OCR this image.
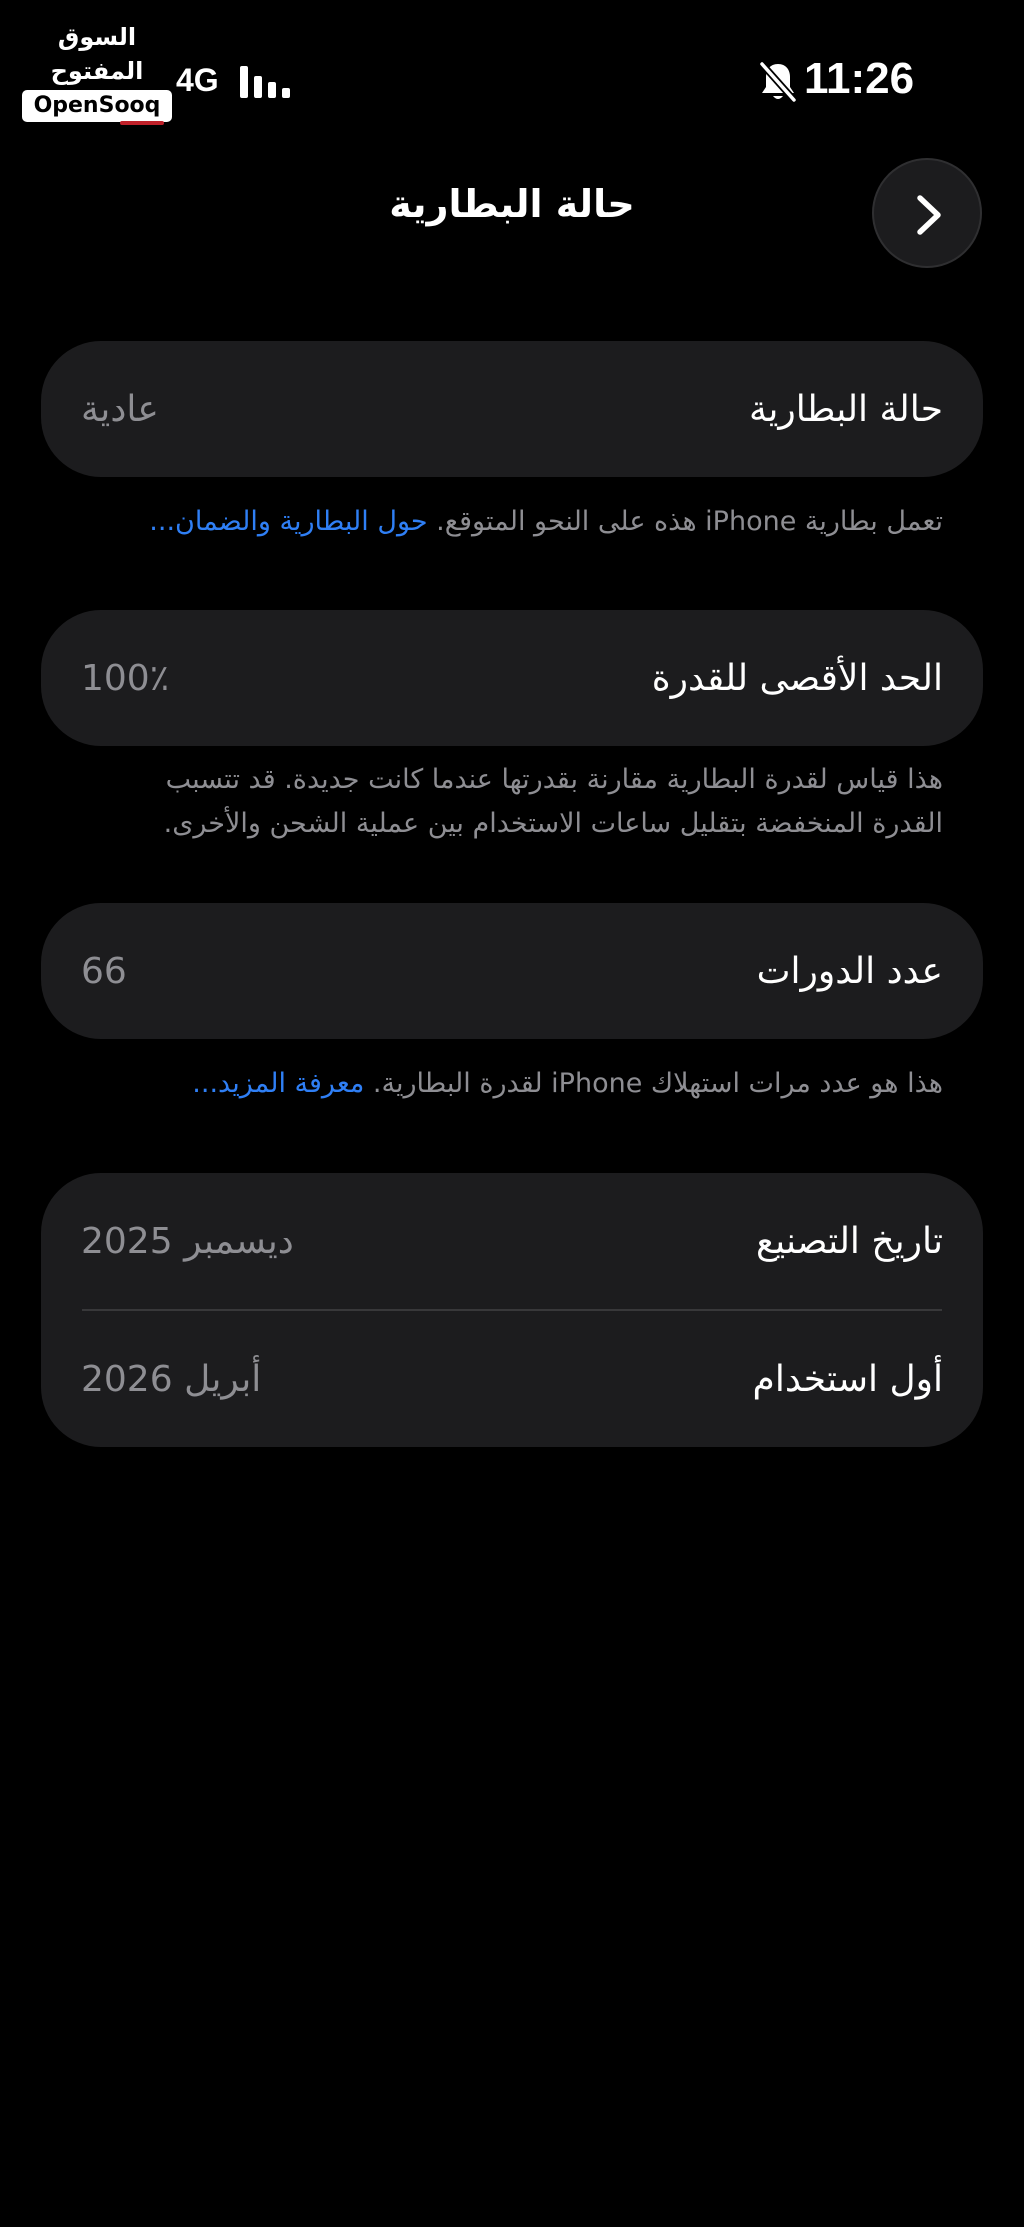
السوق المفتوح
OpenSooq
4G	11:26
حالة البطارية
حالة البطارية
عادية
تعمل بطارية iPhone هذه على النحو المتوقع. حول البطارية والضمان...
الحد الأقصى للقدرة
100٪
هذا قياس لقدرة البطارية مقارنة بقدرتها عندما كانت جديدة. قد تتسبب القدرة المنخفضة بتقليل ساعات الاستخدام بين عملية الشحن والأخرى.
عدد الدورات
66
هذا هو عدد مرات استهلاك iPhone لقدرة البطارية. معرفة المزيد...
تاريخ التصنيع
ديسمبر 2025
أول استخدام
أبريل 2026
